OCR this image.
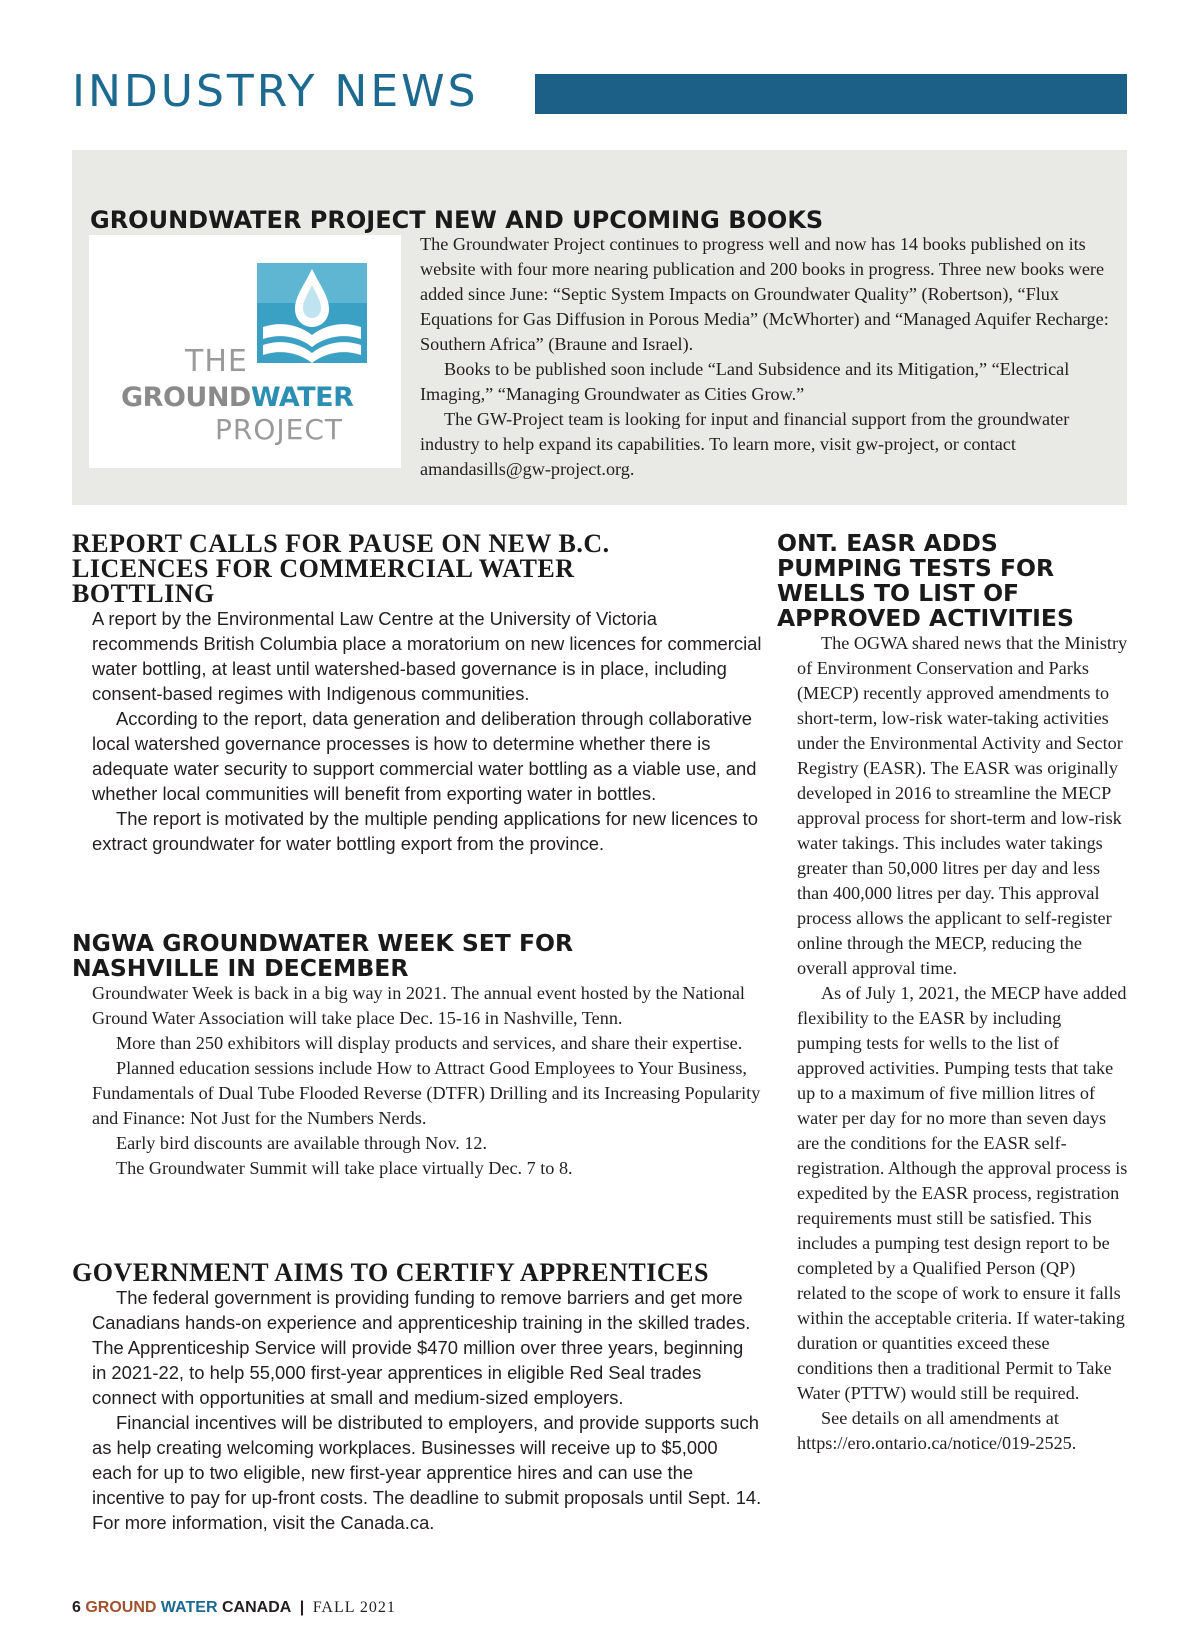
INDUSTRY NEWS
GROUNDWATER PROJECT NEW AND UPCOMING BOOKS
THE
GROUNDWATER
PROJECT

The Groundwater Project continues to progress well and now has 14 books published on its website with four more nearing publication and 200 books in progress. Three new books were added since June: “Septic System Impacts on Groundwater Quality” (Robertson), “Flux Equations for Gas Diffusion in Porous Media” (McWhorter) and “Managed Aquifer Recharge: Southern Africa” (Braune and Israel).

Books to be published soon include “Land Subsidence and its Mitigation,” “Electrical Imaging,” “Managing Groundwater as Cities Grow.”

The GW-Project team is looking for input and financial support from the groundwater industry to help expand its capabilities. To learn more, visit gw-project, or contact amandasills@gw-project.org.

REPORT CALLS FOR PAUSE ON NEW B.C. LICENCES FOR COMMERCIAL WATER BOTTLING

A report by the Environmental Law Centre at the University of Victoria recommends British Columbia place a moratorium on new licences for commercial water bottling, at least until watershed-based governance is in place, including consent-based regimes with Indigenous communities.

According to the report, data generation and deliberation through collaborative local watershed governance processes is how to determine whether there is adequate water security to support commercial water bottling as a viable use, and whether local communities will benefit from exporting water in bottles.

The report is motivated by the multiple pending applications for new licences to extract groundwater for water bottling export from the province.

NGWA GROUNDWATER WEEK SET FOR NASHVILLE IN DECEMBER

Groundwater Week is back in a big way in 2021. The annual event hosted by the National Ground Water Association will take place Dec. 15-16 in Nashville, Tenn.

More than 250 exhibitors will display products and services, and share their expertise.

Planned education sessions include How to Attract Good Employees to Your Business, Fundamentals of Dual Tube Flooded Reverse (DTFR) Drilling and its Increasing Popularity and Finance: Not Just for the Numbers Nerds.

Early bird discounts are available through Nov. 12.

The Groundwater Summit will take place virtually Dec. 7 to 8.

GOVERNMENT AIMS TO CERTIFY APPRENTICES

The federal government is providing funding to remove barriers and get more Canadians hands-on experience and apprenticeship training in the skilled trades. The Apprenticeship Service will provide $470 million over three years, beginning in 2021-22, to help 55,000 first-year apprentices in eligible Red Seal trades connect with opportunities at small and medium-sized employers.

Financial incentives will be distributed to employers, and provide supports such as help creating welcoming workplaces. Businesses will receive up to $5,000 each for up to two eligible, new first-year apprentice hires and can use the incentive to pay for up-front costs. The deadline to submit proposals until Sept. 14. For more information, visit the Canada.ca.

ONT. EASR ADDS PUMPING TESTS FOR WELLS TO LIST OF APPROVED ACTIVITIES

The OGWA shared news that the Ministry of Environment Conservation and Parks (MECP) recently approved amendments to short-term, low-risk water-taking activities under the Environmental Activity and Sector Registry (EASR). The EASR was originally developed in 2016 to streamline the MECP approval process for short-term and low-risk water takings. This includes water takings greater than 50,000 litres per day and less than 400,000 litres per day. This approval process allows the applicant to self-register online through the MECP, reducing the overall approval time.

As of July 1, 2021, the MECP have added flexibility to the EASR by including pumping tests for wells to the list of approved activities. Pumping tests that take up to a maximum of five million litres of water per day for no more than seven days are the conditions for the EASR self-registration. Although the approval process is expedited by the EASR process, registration requirements must still be satisfied. This includes a pumping test design report to be completed by a Qualified Person (QP) related to the scope of work to ensure it falls within the acceptable criteria. If water-taking duration or quantities exceed these conditions then a traditional Permit to Take Water (PTTW) would still be required.

See details on all amendments at https://ero.ontario.ca/notice/019-2525.

6 GROUND WATER CANADA | FALL 2021
